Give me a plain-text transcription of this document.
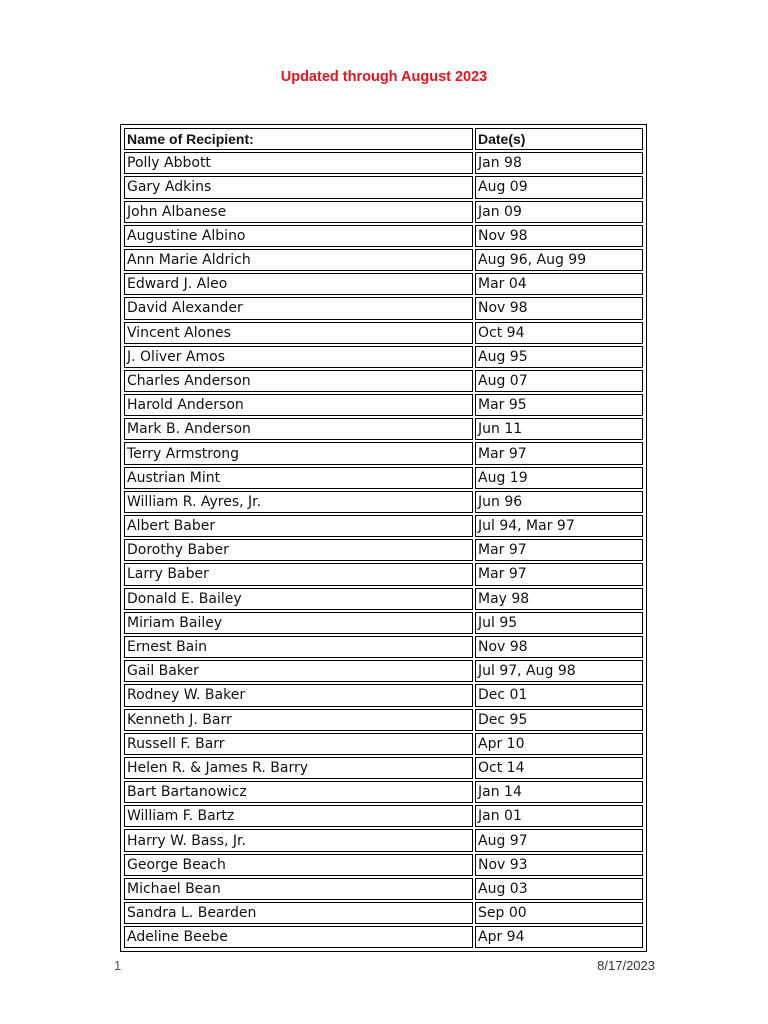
Updated through August 2023
Name of Recipient:	Date(s)
Polly Abbott	Jan 98
Gary Adkins	Aug 09
John Albanese	Jan 09
Augustine Albino	Nov 98
Ann Marie Aldrich	Aug 96, Aug 99
Edward J. Aleo	Mar 04
David Alexander	Nov 98
Vincent Alones	Oct 94
J. Oliver Amos	Aug 95
Charles Anderson	Aug 07
Harold Anderson	Mar 95
Mark B. Anderson	Jun 11
Terry Armstrong	Mar 97
Austrian Mint	Aug 19
William R. Ayres, Jr.	Jun 96
Albert Baber	Jul 94, Mar 97
Dorothy Baber	Mar 97
Larry Baber	Mar 97
Donald E. Bailey	May 98
Miriam Bailey	Jul 95
Ernest Bain	Nov 98
Gail Baker	Jul 97, Aug 98
Rodney W. Baker	Dec 01
Kenneth J. Barr	Dec 95
Russell F. Barr	Apr 10
Helen R. & James R. Barry	Oct 14
Bart Bartanowicz	Jan 14
William F. Bartz	Jan 01
Harry W. Bass, Jr.	Aug 97
George Beach	Nov 93
Michael Bean	Aug 03
Sandra L. Bearden	Sep 00
Adeline Beebe	Apr 94
1	8/17/2023
